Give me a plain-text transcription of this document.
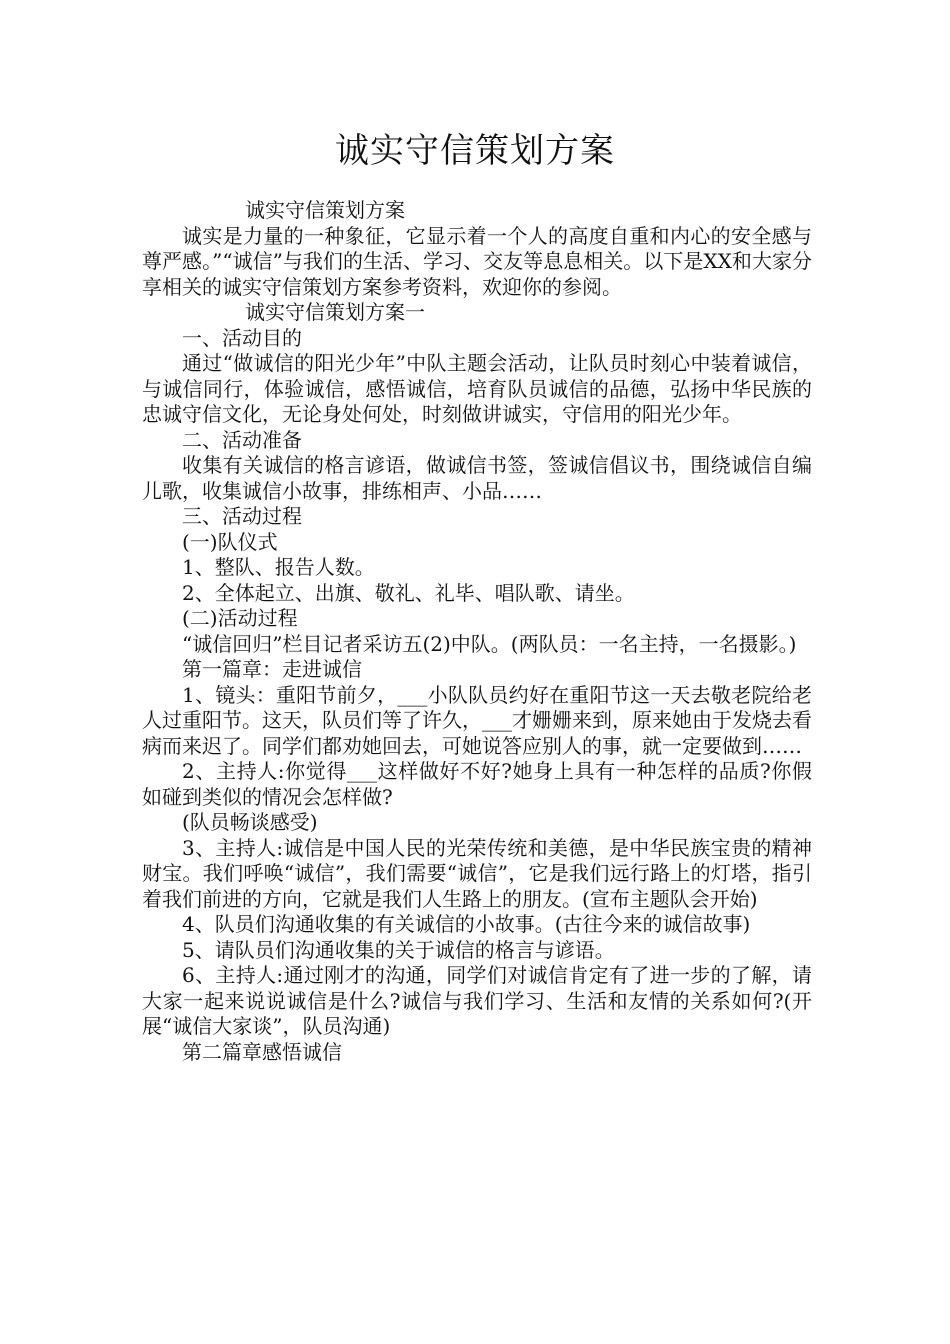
诚实守信策划方案

诚实守信策划方案

诚实是力量的一种象征，它显示着一个人的高度自重和内心的安全感与尊严感。”“诚信”与我们的生活、学习、交友等息息相关。以下是XX和大家分享相关的诚实守信策划方案参考资料，欢迎你的参阅。

诚实守信策划方案一

一、活动目的

通过“做诚信的阳光少年”中队主题会活动，让队员时刻心中装着诚信，与诚信同行，体验诚信，感悟诚信，培育队员诚信的品德，弘扬中华民族的忠诚守信文化，无论身处何处，时刻做讲诚实，守信用的阳光少年。

二、活动准备

收集有关诚信的格言谚语，做诚信书签，签诚信倡议书，围绕诚信自编儿歌，收集诚信小故事，排练相声、小品……

三、活动过程

(一)队仪式

1、整队、报告人数。

2、全体起立、出旗、敬礼、礼毕、唱队歌、请坐。

(二)活动过程

“诚信回归”栏目记者采访五(2)中队。(两队员：一名主持，一名摄影。)

第一篇章：走进诚信

1、镜头：重阳节前夕，___小队队员约好在重阳节这一天去敬老院给老人过重阳节。这天，队员们等了许久，___才姗姗来到，原来她由于发烧去看病而来迟了。同学们都劝她回去，可她说答应别人的事，就一定要做到……

2、主持人:你觉得___这样做好不好?她身上具有一种怎样的品质?你假如碰到类似的情况会怎样做?

(队员畅谈感受)

3、主持人:诚信是中国人民的光荣传统和美德，是中华民族宝贵的精神财宝。我们呼唤“诚信”，我们需要“诚信”，它是我们远行路上的灯塔，指引着我们前进的方向，它就是我们人生路上的朋友。(宣布主题队会开始)

4、队员们沟通收集的有关诚信的小故事。(古往今来的诚信故事)

5、请队员们沟通收集的关于诚信的格言与谚语。

6、主持人:通过刚才的沟通，同学们对诚信肯定有了进一步的了解，请大家一起来说说诚信是什么?诚信与我们学习、生活和友情的关系如何?(开展“诚信大家谈”，队员沟通)

第二篇章感悟诚信
